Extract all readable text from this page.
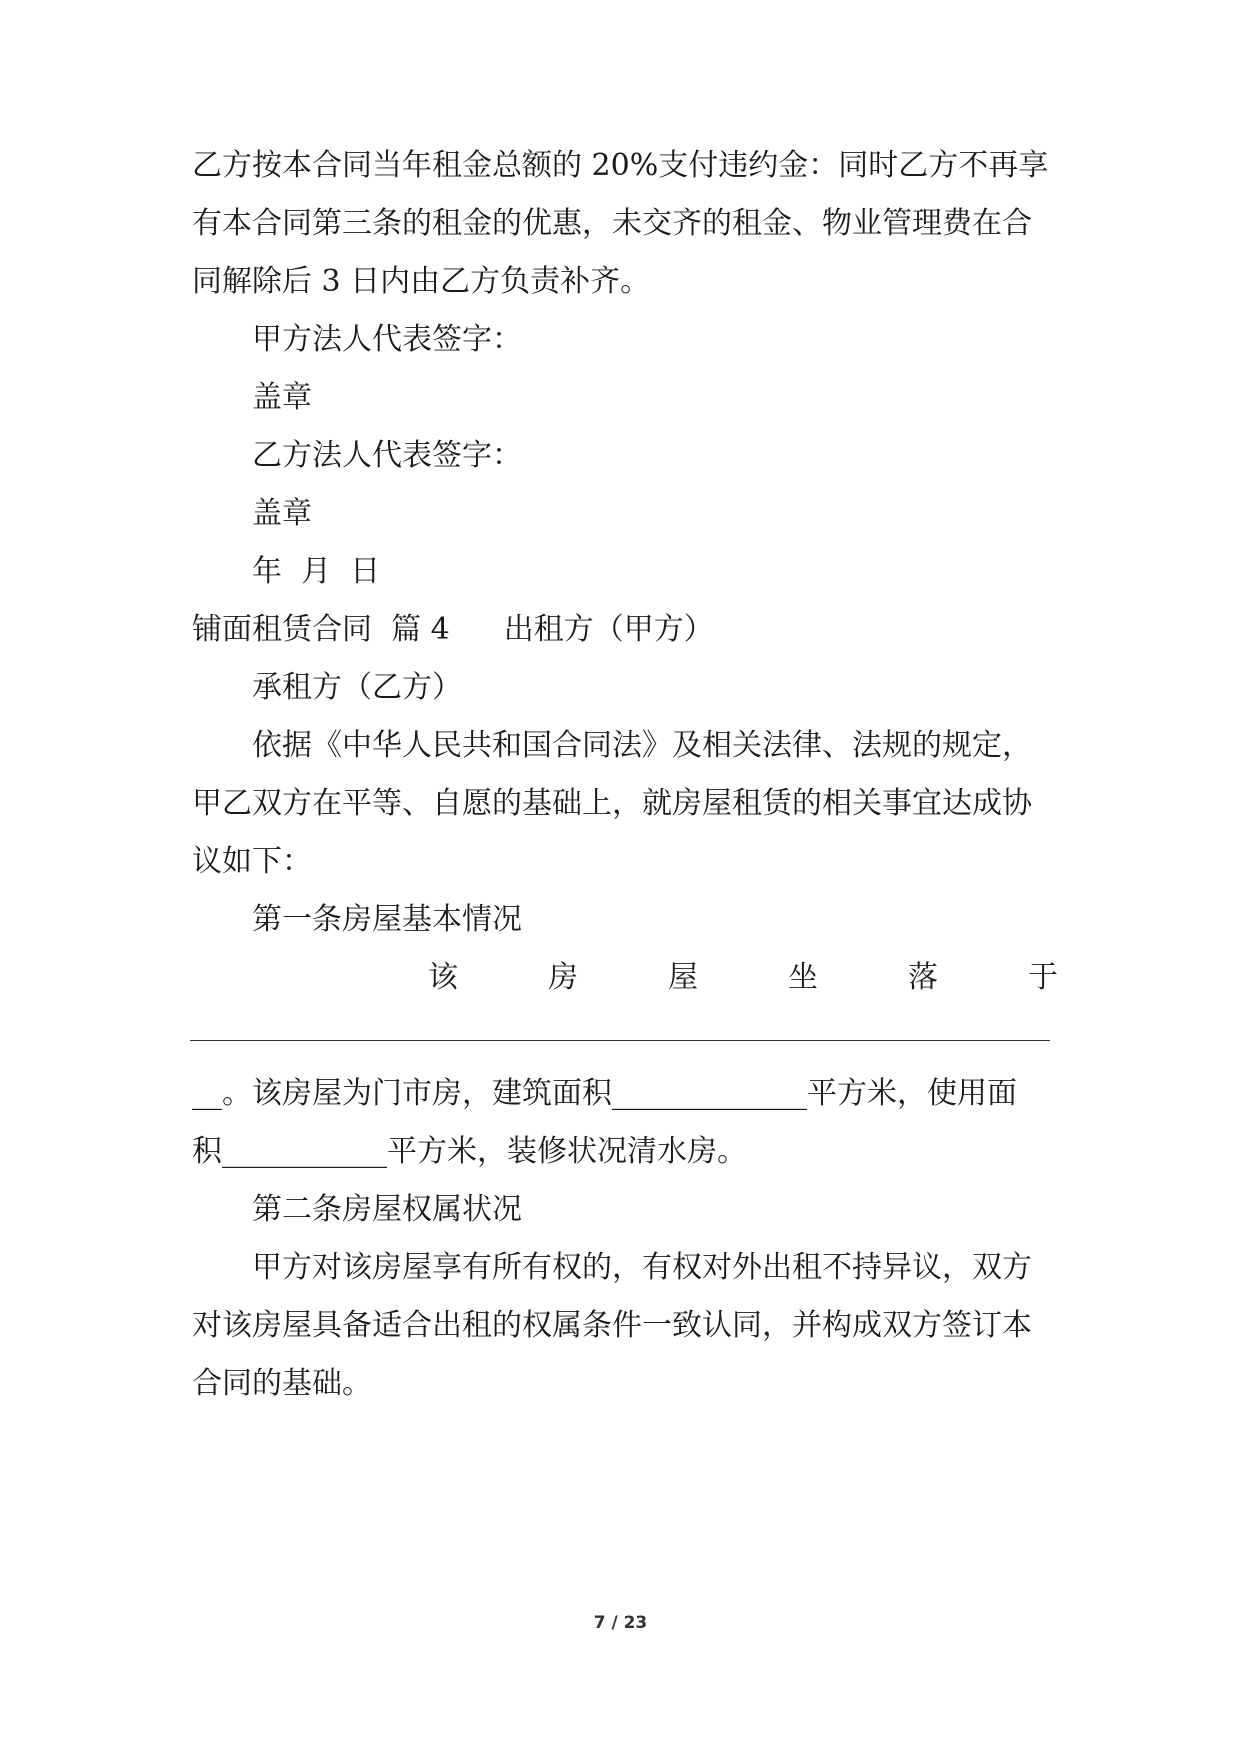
乙方按本合同当年租金总额的 20%支付违约金：同时乙方不再享
有本合同第三条的租金的优惠，未交齐的租金、物业管理费在合
同解除后 3 日内由乙方负责补齐。
甲方法人代表签字：
盖章
乙方法人代表签字：
盖章
年  月  日
铺面租赁合同  篇 4 出租方（甲方）
承租方（乙方）
依据《中华人民共和国合同法》及相关法律、法规的规定，
甲乙双方在平等、自愿的基础上，就房屋租赁的相关事宜达成协
议如下：
第一条房屋基本情况
该	房	屋	坐	落	于
__。该房屋为门市房，建筑面积_____________平方米，使用面
积___________平方米，装修状况清水房。
第二条房屋权属状况
甲方对该房屋享有所有权的，有权对外出租不持异议，双方
对该房屋具备适合出租的权属条件一致认同，并构成双方签订本
合同的基础。
7 / 23
